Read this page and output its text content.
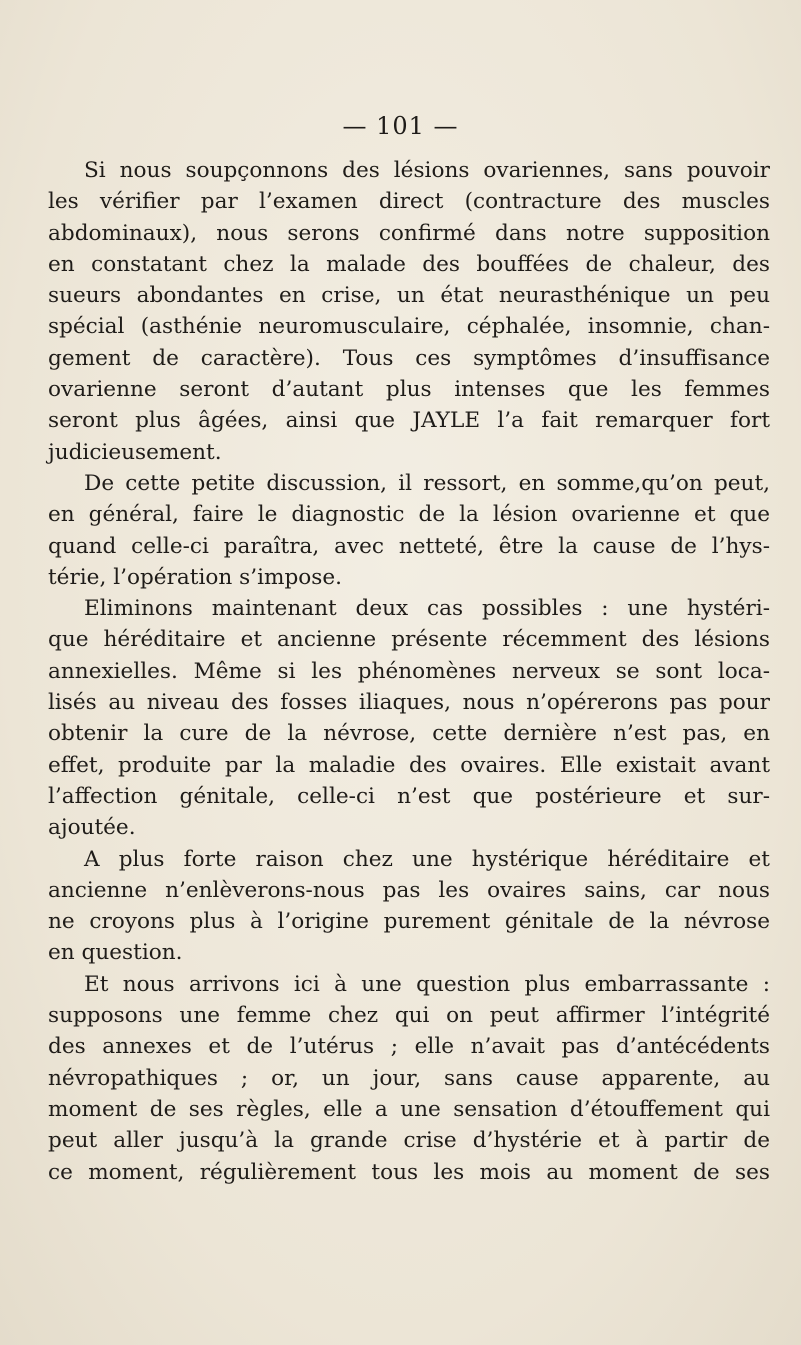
— 101 —
Si nous soupçonnons des lésions ovariennes, sans pouvoir
les vérifier par l’examen direct (contracture des muscles
abdominaux), nous serons confirmé dans notre supposition
en constatant chez la malade des bouffées de chaleur, des
sueurs abondantes en crise, un état neurasthénique un peu
spécial (asthénie neuromusculaire, céphalée, insomnie, chan-
gement de caractère). Tous ces symptômes d’insuffisance
ovarienne seront d’autant plus intenses que les femmes
seront plus âgées, ainsi que JAYLE l’a fait remarquer fort
judicieusement.
De cette petite discussion, il ressort, en somme,qu’on peut,
en général, faire le diagnostic de la lésion ovarienne et que
quand celle-ci paraîtra, avec netteté, être la cause de l’hys-
térie, l’opération s’impose.
Eliminons maintenant deux cas possibles : une hystéri-
que héréditaire et ancienne présente récemment des lésions
annexielles. Même si les phénomènes nerveux se sont loca-
lisés au niveau des fosses iliaques, nous n’opérerons pas pour
obtenir la cure de la névrose, cette dernière n’est pas, en
effet, produite par la maladie des ovaires. Elle existait avant
l’affection génitale, celle-ci n’est que postérieure et sur-
ajoutée.
A plus forte raison chez une hystérique héréditaire et
ancienne n’enlèverons-nous pas les ovaires sains, car nous
ne croyons plus à l’origine purement génitale de la névrose
en question.
Et nous arrivons ici à une question plus embarrassante :
supposons une femme chez qui on peut affirmer l’intégrité
des annexes et de l’utérus ; elle n’avait pas d’antécédents
névropathiques ; or, un jour, sans cause apparente, au
moment de ses règles, elle a une sensation d’étouffement qui
peut aller jusqu’à la grande crise d’hystérie et à partir de
ce moment, régulièrement tous les mois au moment de ses
